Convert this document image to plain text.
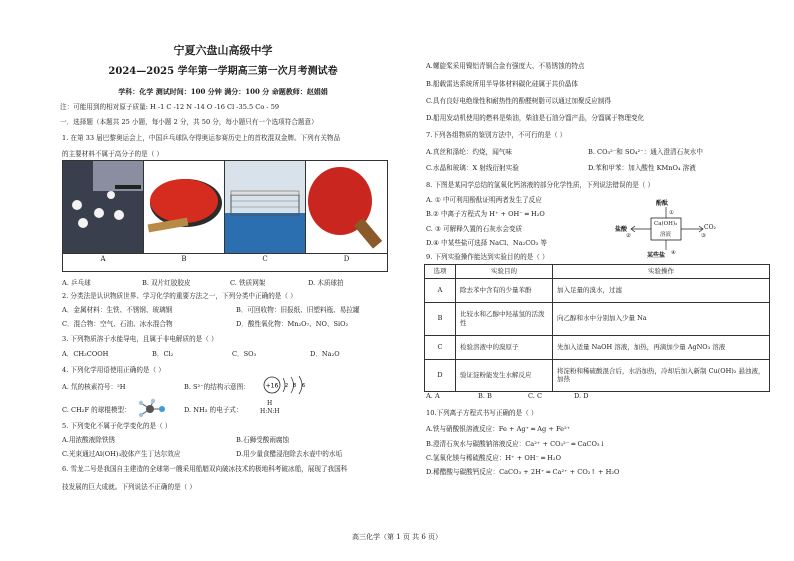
宁夏六盘山高级中学
2024—2025 学年第一学期高三第一次月考测试卷
学科：化学 测试时间：100 分钟 满分：100 分 命题教师：赵娟娟
注：可能用到的相对原子质量: H -1 C -12 N -14 O -16 Cl -35.5 Co - 59
一．选择题（本题共 25 小题，每小题 2 分，共 50 分，每小题只有一个选项符合题意）
1. 在第 33 届巴黎奥运会上，中国乒乓球队夺得奥运参赛历史上的首枚混双金牌。下列有关物品
的主要材料不属于高分子的是（ ）
A	B	C	D
A. 乒乓球	B. 双片红胶胶皮	C. 铁质网架	D. 木质球拍
2. 分类法是认识物质世界、学习化学的重要方法之一，下列分类中正确的是（ ）
A．金属材料：生铁、不锈钢、玻璃钢	B．可回收物：旧报纸、旧塑料瓶、易拉罐
C．混合物：空气、石油、冰水混合物	D．酸性氧化物：Mn₂O₇、NO、SiO₂
3. 下列物质溶于水能导电，且属于非电解质的是（ ）
A．CH₃COOH	B．Cl₂	C．SO₃	D．Na₂O
4. 下列化学用语使用正确的是（ ）
A. 氘的核素符号：²H	B. S²⁻的结构示意图：	+16 2 8 6
C. CH₂F 的球棍模型：	D. NH₃ 的电子式：
H
H:N:H
5. 下列变化不属于化学变化的是（ ）
A.用浓酸液除铁锈	B.石狮受酸雨腐蚀
C.光束通过Al(OH)₃胶体产生丁达尔效应	D.用少量食醋浸泡除去水壶中的水垢
6. 雪龙二号是我国自主建造的全球第一艘采用船艏双向破冰技术的极地科考破冰船，展现了我国科
技发展的巨大成就。下列说法不正确的是（ ）
A.螺旋桨采用镍铝青铜合金有强度大、不易锈蚀的特点
B.船载雷达系统所用半导体材料碳化硅属于共价晶体
C.具有良好电绝缘性和耐热性的酚醛树脂可以通过加聚反应制得
D.船用发动机使用的燃料是柴油，柴油是石油分馏产品，分馏属于物理变化
7.下列各组物质的鉴别方法中，不可行的是（ ）
A.真丝和涤纶：灼烧，闻气味	B. CO₃²⁻和 SO₄²⁻：通入澄清石灰水中
C.水晶和玻璃：X 射线衍射实验	D.苯和甲苯：加入酸性 KMnO₄ 溶液
8. 下图是某同学总结的氢氧化钙溶液的部分化学性质，下列说法错误的是（ ）
A. ① 中可利用酚酞证明两者发生了反应
B.② 中离子方程式为 H⁺ + OH⁻ ═ H₂O
C. ③ 可解释久置的石灰水会变质
D.④ 中某些盐可选择 NaCl、Na₂CO₃ 等
9. 下列实验操作能达到实验目的的是（ ）
选项	实验目的	实验操作
A	除去苯中含有的少量苯酚	加入足量的溴水，过滤
B	比较水和乙醇中羟基氢的活泼性	向乙醇和水中分别加入少量 Na
C	检验溶液中的溴原子	先加入适量 NaOH 溶液，加热，再滴加少量 AgNO₃ 溶液
D	验证淀粉能发生水解反应	将淀粉和稀硫酸混合后，水浴加热，冷却后加入新制 Cu(OH)₂ 悬浊液，加热
A. A	B. B	C. C	D. D
10.下列离子方程式书写正确的是（ ）
A.铁与硝酸银溶液反应：Fe + Ag⁺ ═ Ag + Fe²⁺
B.澄清石灰水与碳酸钠溶液反应：Ca²⁺ + CO₃²⁻ ═ CaCO₃↓
C.氢氧化镁与稀硫酸反应：H⁺ + OH⁻ ═ H₂O
D.稀醋酸与碳酸钙反应：CaCO₃ + 2H⁺ ═ Ca²⁺ + CO₂↑ + H₂O
酚酞
①
盐酸
②
CO₂
③
Ca(OH)₂
溶液
某些盐 ④
高三化学（第 1 页 共 6 页）
